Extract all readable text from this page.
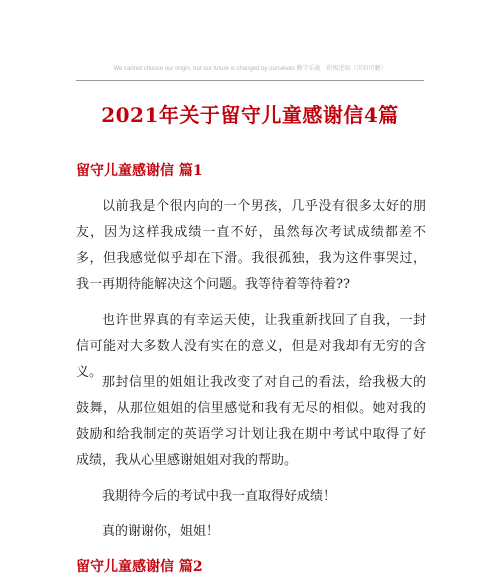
We cannot choose our origin, but our future is changed by ourselves 勤学乐施　积极进取（页眉可删）
2021年关于留守儿童感谢信4篇
留守儿童感谢信 篇1
以前我是个很内向的一个男孩，几乎没有很多太好的朋友，因为这样我成绩一直不好，虽然每次考试成绩都差不多，但我感觉似乎却在下滑。我很孤独，我为这件事哭过，我一再期待能解决这个问题。我等待着等待着??
也许世界真的有幸运天使，让我重新找回了自我，一封信可能对大多数人没有实在的意义，但是对我却有无穷的含义。
那封信里的姐姐让我改变了对自己的看法，给我极大的鼓舞，从那位姐姐的信里感觉和我有无尽的相似。她对我的鼓励和给我制定的英语学习计划让我在期中考试中取得了好成绩，我从心里感谢姐姐对我的帮助。
我期待今后的考试中我一直取得好成绩！
真的谢谢你，姐姐！
留守儿童感谢信 篇2
